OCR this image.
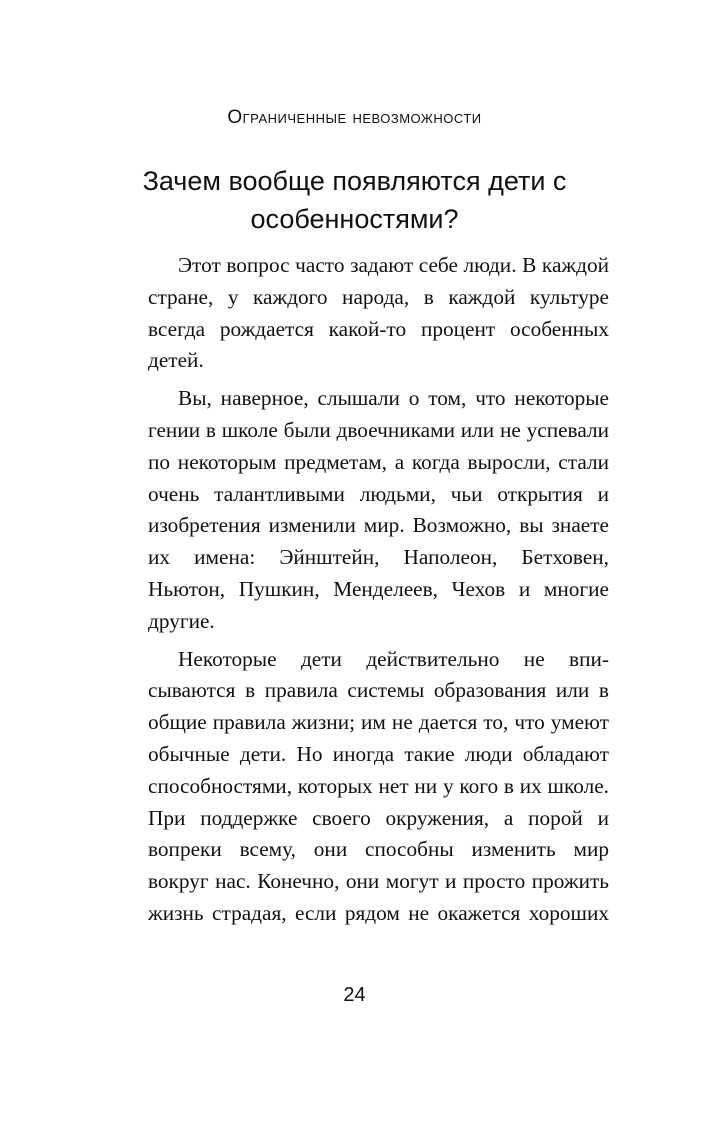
Ограниченные невозможности
Зачем вообще появляются дети с особенностями?

Этот вопрос часто задают себе люди. В каждой стране, у каждого народа, в каждой культуре всегда рождается какой-то процент особенных детей.

Вы, наверное, слышали о том, что некоторые гении в школе были двоечниками или не успевали по некоторым предметам, а когда выросли, стали очень талантливыми людьми, чьи открытия и изобретения изменили мир. Возможно, вы знаете их имена: Эйнштейн, Наполеон, Бетховен, Ньютон, Пушкин, Менделеев, Чехов и многие другие.

Некоторые дети действительно не вписываются в правила системы образования или в общие правила жизни; им не дается то, что умеют обычные дети. Но иногда такие люди обладают способностями, которых нет ни у кого в их школе. При поддержке своего окружения, а порой и вопреки всему, они способны изменить мир вокруг нас. Конечно, они могут и просто прожить жизнь страдая, если рядом не окажется хороших

24
